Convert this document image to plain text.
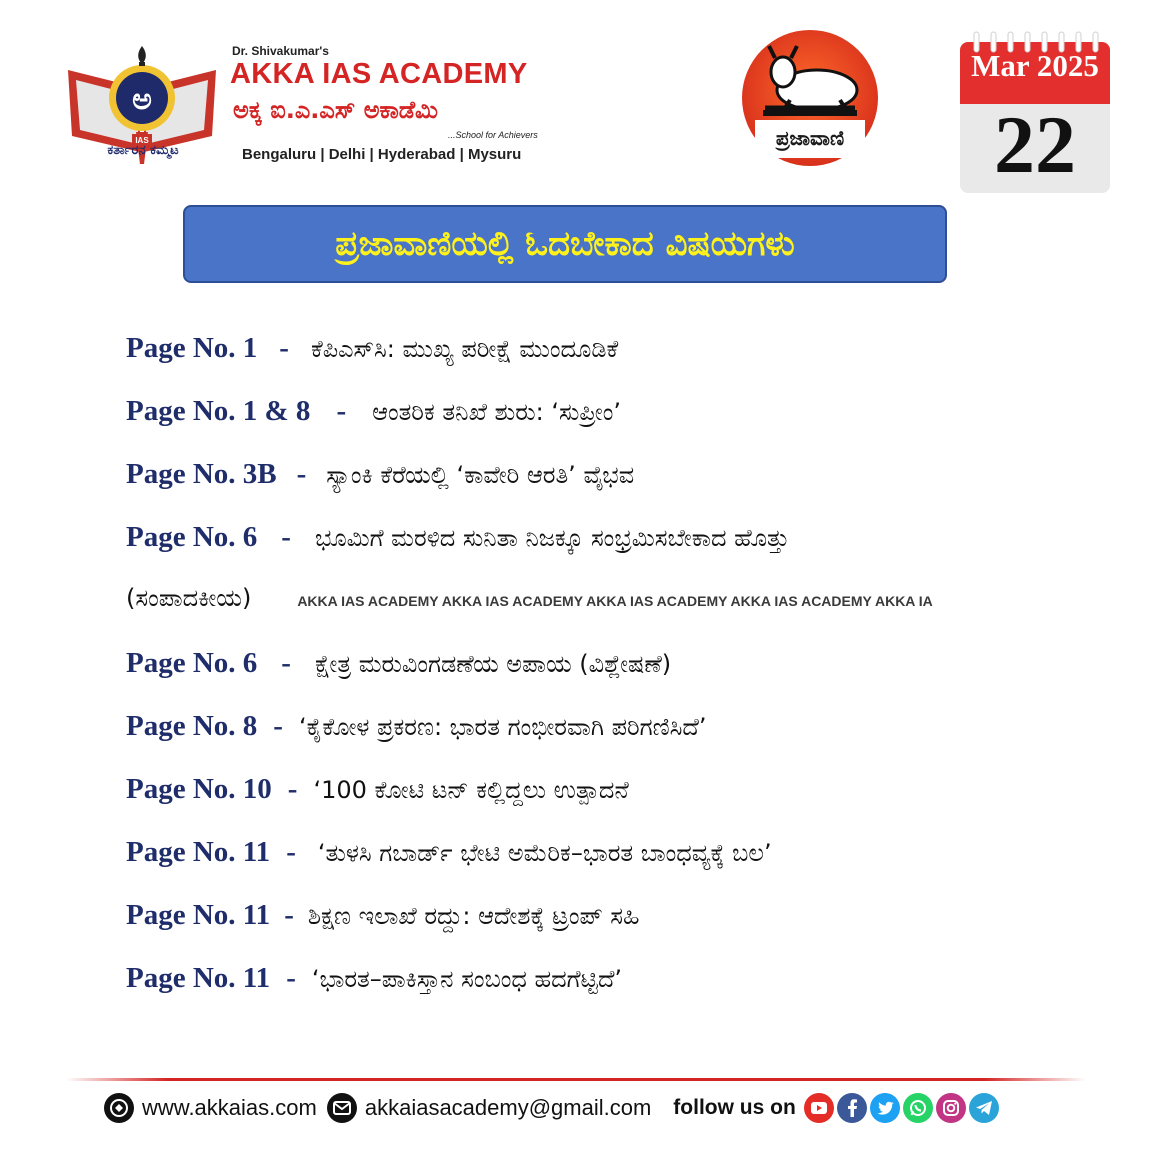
IAS
ಅ
ಕರ್ತಾರನ ಕಮ್ಮಟ
Dr. Shivakumar's
AKKA IAS ACADEMY
ಅಕ್ಕ ಐ.ಎ.ಎಸ್ ಅಕಾಡೆಮಿ
...School for Achievers
Bengaluru | Delhi | Hyderabad | Mysuru
ಪ್ರಜಾವಾಣಿ
Mar 2025
22
ಪ್ರಜಾವಾಣಿಯಲ್ಲಿ ಓದಬೇಕಾದ ವಿಷಯಗಳು
Page No. 1 - ಕೆಪಿಎಸ್‌ಸಿ: ಮುಖ್ಯ ಪರೀಕ್ಷೆ ಮುಂದೂಡಿಕೆ
Page No. 1 & 8 - ಆಂತರಿಕ ತನಿಖೆ ಶುರು: ‘ಸುಪ್ರೀಂ’
Page No. 3B - ಸ್ಯಾಂಕಿ ಕೆರೆಯಲ್ಲಿ ‘ಕಾವೇರಿ ಆರತಿ’ ವೈಭವ
Page No. 6 - ಭೂಮಿಗೆ ಮರಳಿದ ಸುನಿತಾ ನಿಜಕ್ಕೂ ಸಂಭ್ರಮಿಸಬೇಕಾದ ಹೊತ್ತು
(ಸಂಪಾದಕೀಯ)	AKKA IAS ACADEMY AKKA IAS ACADEMY AKKA IAS ACADEMY AKKA IAS ACADEMY AKKA IA
Page No. 6 - ಕ್ಷೇತ್ರ ಮರುವಿಂಗಡಣೆಯ ಅಪಾಯ (ವಿಶ್ಲೇಷಣೆ)
Page No. 8 - ‘ಕೈಕೋಳ ಪ್ರಕರಣ: ಭಾರತ ಗಂಭೀರವಾಗಿ ಪರಿಗಣಿಸಿದೆ’
Page No. 10 - ‘100 ಕೋಟಿ ಟನ್ ಕಲ್ಲಿದ್ದಲು ಉತ್ಪಾದನೆ
Page No. 11 - ‘ತುಳಸಿ ಗಬಾರ್ಡ್ ಭೇಟಿ ಅಮೆರಿಕ–ಭಾರತ ಬಾಂಧವ್ಯಕ್ಕೆ ಬಲ’
Page No. 11 - ಶಿಕ್ಷಣ ಇಲಾಖೆ ರದ್ದು: ಆದೇಶಕ್ಕೆ ಟ್ರಂಪ್ ಸಹಿ
Page No. 11 - ‘ಭಾರತ–ಪಾಕಿಸ್ತಾನ ಸಂಬಂಧ ಹದಗೆಟ್ಟಿದೆ’
www.akkaias.com akkaiasacademy@gmail.com follow us on
